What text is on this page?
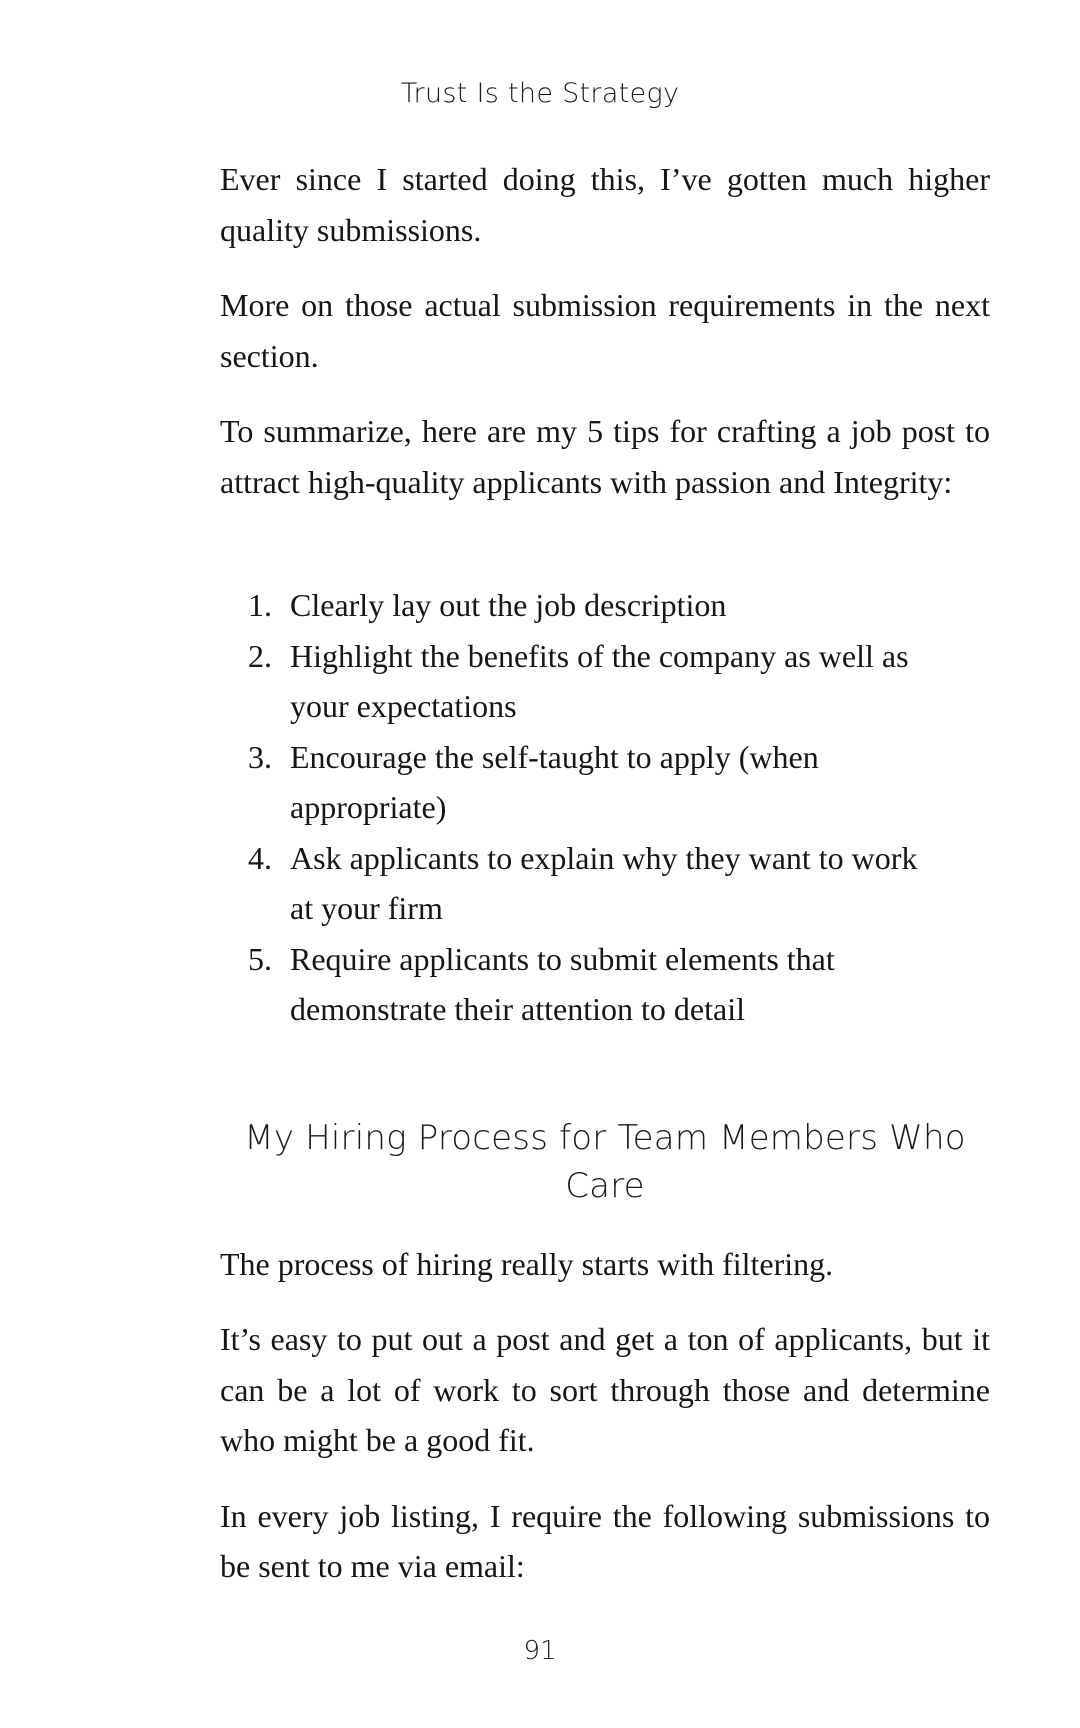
Trust Is the Strategy

Ever since I started doing this, I’ve gotten much higher quality submissions.

More on those actual submission requirements in the next section.

To summarize, here are my 5 tips for crafting a job post to attract high-quality applicants with passion and Integrity:

1. Clearly lay out the job description
2. Highlight the benefits of the company as well as your expectations
3. Encourage the self-taught to apply (when appropriate)
4. Ask applicants to explain why they want to work at your firm
5. Require applicants to submit elements that demonstrate their attention to detail
My Hiring Process for Team Members Who Care

The process of hiring really starts with filtering.

It’s easy to put out a post and get a ton of applicants, but it can be a lot of work to sort through those and determine who might be a good fit.

In every job listing, I require the following submissions to be sent to me via email:

91
